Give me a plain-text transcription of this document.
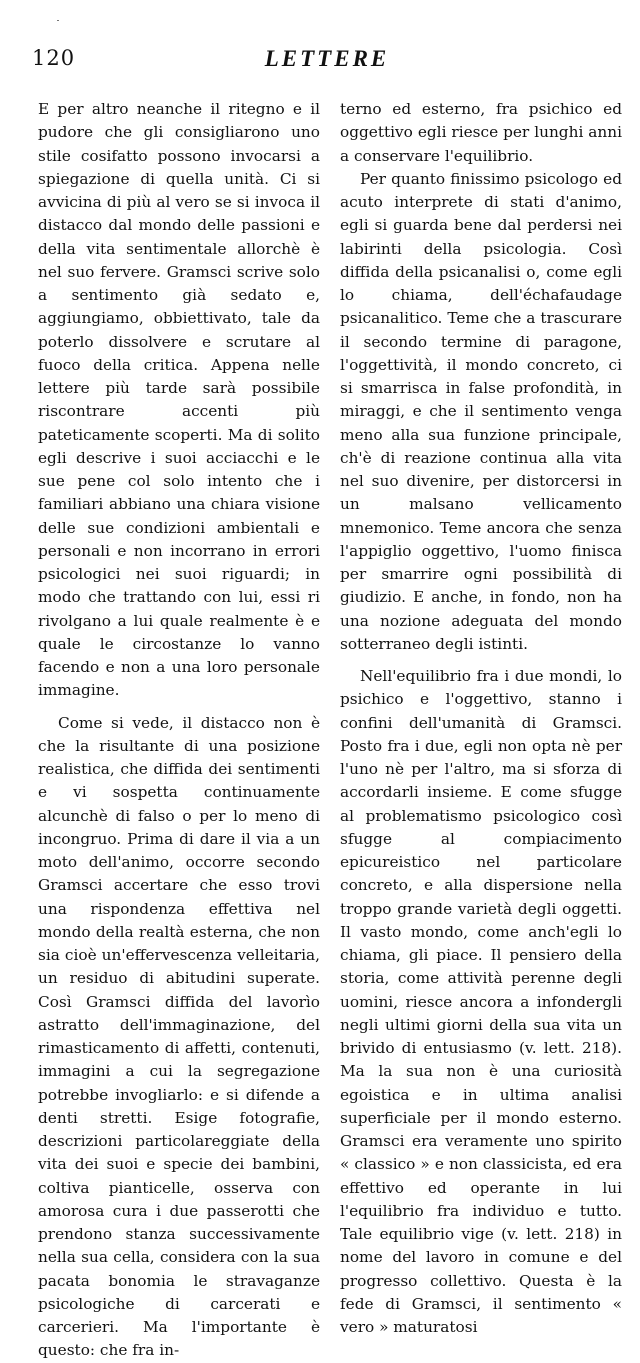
120	LETTERE

E per altro neanche il ritegno e il pudore che gli consigliarono uno stile cosifatto possono invocarsi a spiegazione di quella unità. Ci si avvicina di più al vero se si invoca il distacco dal mondo delle passioni e della vita sentimentale allorchè è nel suo fervere. Gramsci scrive solo a sentimento già sedato e, aggiungiamo, obbiettivato, tale da poterlo dissolvere e scrutare al fuoco della critica. Appena nelle lettere più tarde sarà possibile riscontrare accenti più pateticamente scoperti. Ma di solito egli descrive i suoi acciacchi e le sue pene col solo intento che i familiari abbiano una chiara visione delle sue condizioni ambientali e personali e non incorrano in errori psicologici nei suoi riguardi; in modo che trattando con lui, essi ri rivolgano a lui quale realmente è e quale le circostanze lo vanno facendo e non a una loro personale immagine.

Come si vede, il distacco non è che la risultante di una posizione realistica, che diffida dei sentimenti e vi sospetta continuamente alcunchè di falso o per lo meno di incongruo. Prima di dare il via a un moto dell'animo, occorre secondo Gramsci accertare che esso trovi una rispondenza effettiva nel mondo della realtà esterna, che non sia cioè un'effervescenza velleitaria, un residuo di abitudini superate. Così Gramsci diffida del lavorìo astratto dell'immaginazione, del rimasticamento di affetti, contenuti, immagini a cui la segregazione potrebbe invogliarlo: e si difende a denti stretti. Esige fotografie, descrizioni particolareggiate della vita dei suoi e specie dei bambini, coltiva pianticelle, osserva con amorosa cura i due passerotti che prendono stanza successivamente nella sua cella, considera con la sua pacata bonomia le stravaganze psicologiche di carcerati e carcerieri. Ma l'importante è questo: che fra in-

terno ed esterno, fra psichico ed oggettivo egli riesce per lunghi anni a conservare l'equilibrio.

Per quanto finissimo psicologo ed acuto interprete di stati d'animo, egli si guarda bene dal perdersi nei labirinti della psicologia. Così diffida della psicanalisi o, come egli lo chiama, dell'échafaudage psicanalitico. Teme che a trascurare il secondo termine di paragone, l'oggettività, il mondo concreto, ci si smarrisca in false profondità, in miraggi, e che il sentimento venga meno alla sua funzione principale, ch'è di reazione continua alla vita nel suo divenire, per distorcersi in un malsano vellicamento mnemonico. Teme ancora che senza l'appiglio oggettivo, l'uomo finisca per smarrire ogni possibilità di giudizio. E anche, in fondo, non ha una nozione adeguata del mondo sotterraneo degli istinti.

Nell'equilibrio fra i due mondi, lo psichico e l'oggettivo, stanno i confini dell'umanità di Gramsci. Posto fra i due, egli non opta nè per l'uno nè per l'altro, ma si sforza di accordarli insieme. E come sfugge al problematismo psicologico così sfugge al compiacimento epicureistico nel particolare concreto, e alla dispersione nella troppo grande varietà degli oggetti. Il vasto mondo, come anch'egli lo chiama, gli piace. Il pensiero della storia, come attività perenne degli uomini, riesce ancora a infondergli negli ultimi giorni della sua vita un brivido di entusiasmo (v. lett. 218). Ma la sua non è una curiosità egoistica e in ultima analisi superficiale per il mondo esterno. Gramsci era veramente uno spirito « classico » e non classicista, ed era effettivo ed operante in lui l'equilibrio fra individuo e tutto. Tale equilibrio vige (v. lett. 218) in nome del lavoro in comune e del progresso collettivo. Questa è la fede di Gramsci, il sentimento « vero » maturatosi
